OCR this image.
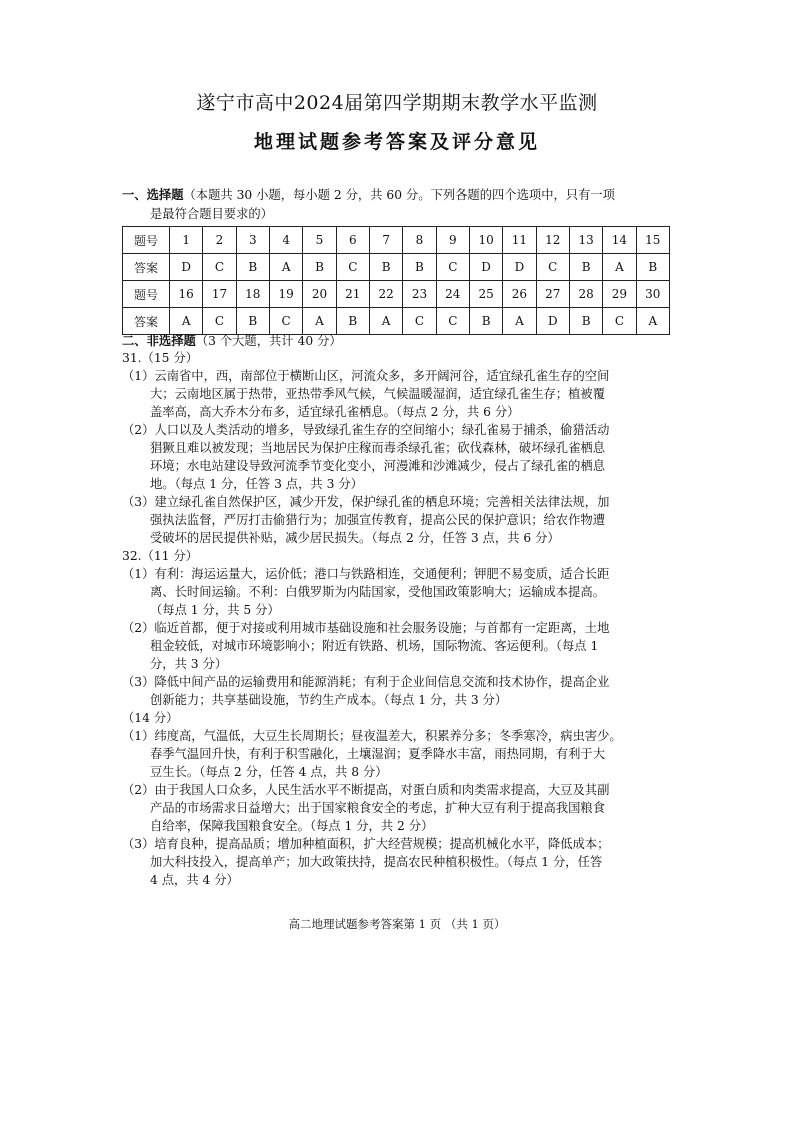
遂宁市高中2024届第四学期期末教学水平监测
地理试题参考答案及评分意见
一、选择题（本题共 30 小题，每小题 2 分，共 60 分。下列各题的四个选项中，只有一项
是最符合题目要求的）
题号	1	2	3	4	5	6	7	8	9	10	11	12	13	14	15
答案	D	C	B	A	B	C	B	B	C	D	D	C	B	A	B
题号	16	17	18	19	20	21	22	23	24	25	26	27	28	29	30
答案	A	C	B	C	A	B	A	C	C	B	A	D	B	C	A
二、非选择题（3 个大题，共计 40 分）
31.（15 分）
（1）云南省中，西，南部位于横断山区，河流众多，多开阔河谷，适宜绿孔雀生存的空间
大；云南地区属于热带，亚热带季风气候，气候温暖湿润，适宜绿孔雀生存；植被覆
盖率高，高大乔木分布多，适宜绿孔雀栖息。（每点 2 分，共 6 分）
（2）人口以及人类活动的增多，导致绿孔雀生存的空间缩小；绿孔雀易于捕杀，偷猎活动
猖獗且难以被发现；当地居民为保护庄稼而毒杀绿孔雀；砍伐森林，破坏绿孔雀栖息
环境；水电站建设导致河流季节变化变小，河漫滩和沙滩减少，侵占了绿孔雀的栖息
地。（每点 1 分，任答 3 点，共 3 分）
（3）建立绿孔雀自然保护区，减少开发，保护绿孔雀的栖息环境；完善相关法律法规，加
强执法监督，严厉打击偷猎行为；加强宣传教育，提高公民的保护意识；给农作物遭
受破坏的居民提供补贴，减少居民损失。（每点 2 分，任答 3 点，共 6 分）
32.（11 分）
（1）有利：海运运量大，运价低；港口与铁路相连，交通便利；钾肥不易变质，适合长距
离、长时间运输。不利：白俄罗斯为内陆国家，受他国政策影响大；运输成本提高。
（每点 1 分，共 5 分）
（2）临近首都，便于对接或利用城市基础设施和社会服务设施；与首都有一定距离，土地
租金较低，对城市环境影响小；附近有铁路、机场，国际物流、客运便利。（每点 1
分，共 3 分）
（3）降低中间产品的运输费用和能源消耗；有利于企业间信息交流和技术协作，提高企业
创新能力；共享基础设施，节约生产成本。（每点 1 分，共 3 分）
（14 分）
（1）纬度高，气温低，大豆生长周期长；昼夜温差大，积累养分多；冬季寒冷，病虫害少。
春季气温回升快，有利于积雪融化，土壤湿润；夏季降水丰富，雨热同期，有利于大
豆生长。（每点 2 分，任答 4 点，共 8 分）
（2）由于我国人口众多，人民生活水平不断提高，对蛋白质和肉类需求提高，大豆及其副
产品的市场需求日益增大；出于国家粮食安全的考虑，扩种大豆有利于提高我国粮食
自给率，保障我国粮食安全。（每点 1 分，共 2 分）
（3）培育良种，提高品质；增加种植面积，扩大经营规模；提高机械化水平，降低成本；
加大科技投入，提高单产；加大政策扶持，提高农民种植积极性。（每点 1 分，任答
4 点，共 4 分）
高二地理试题参考答案第 1 页 （共 1 页）
